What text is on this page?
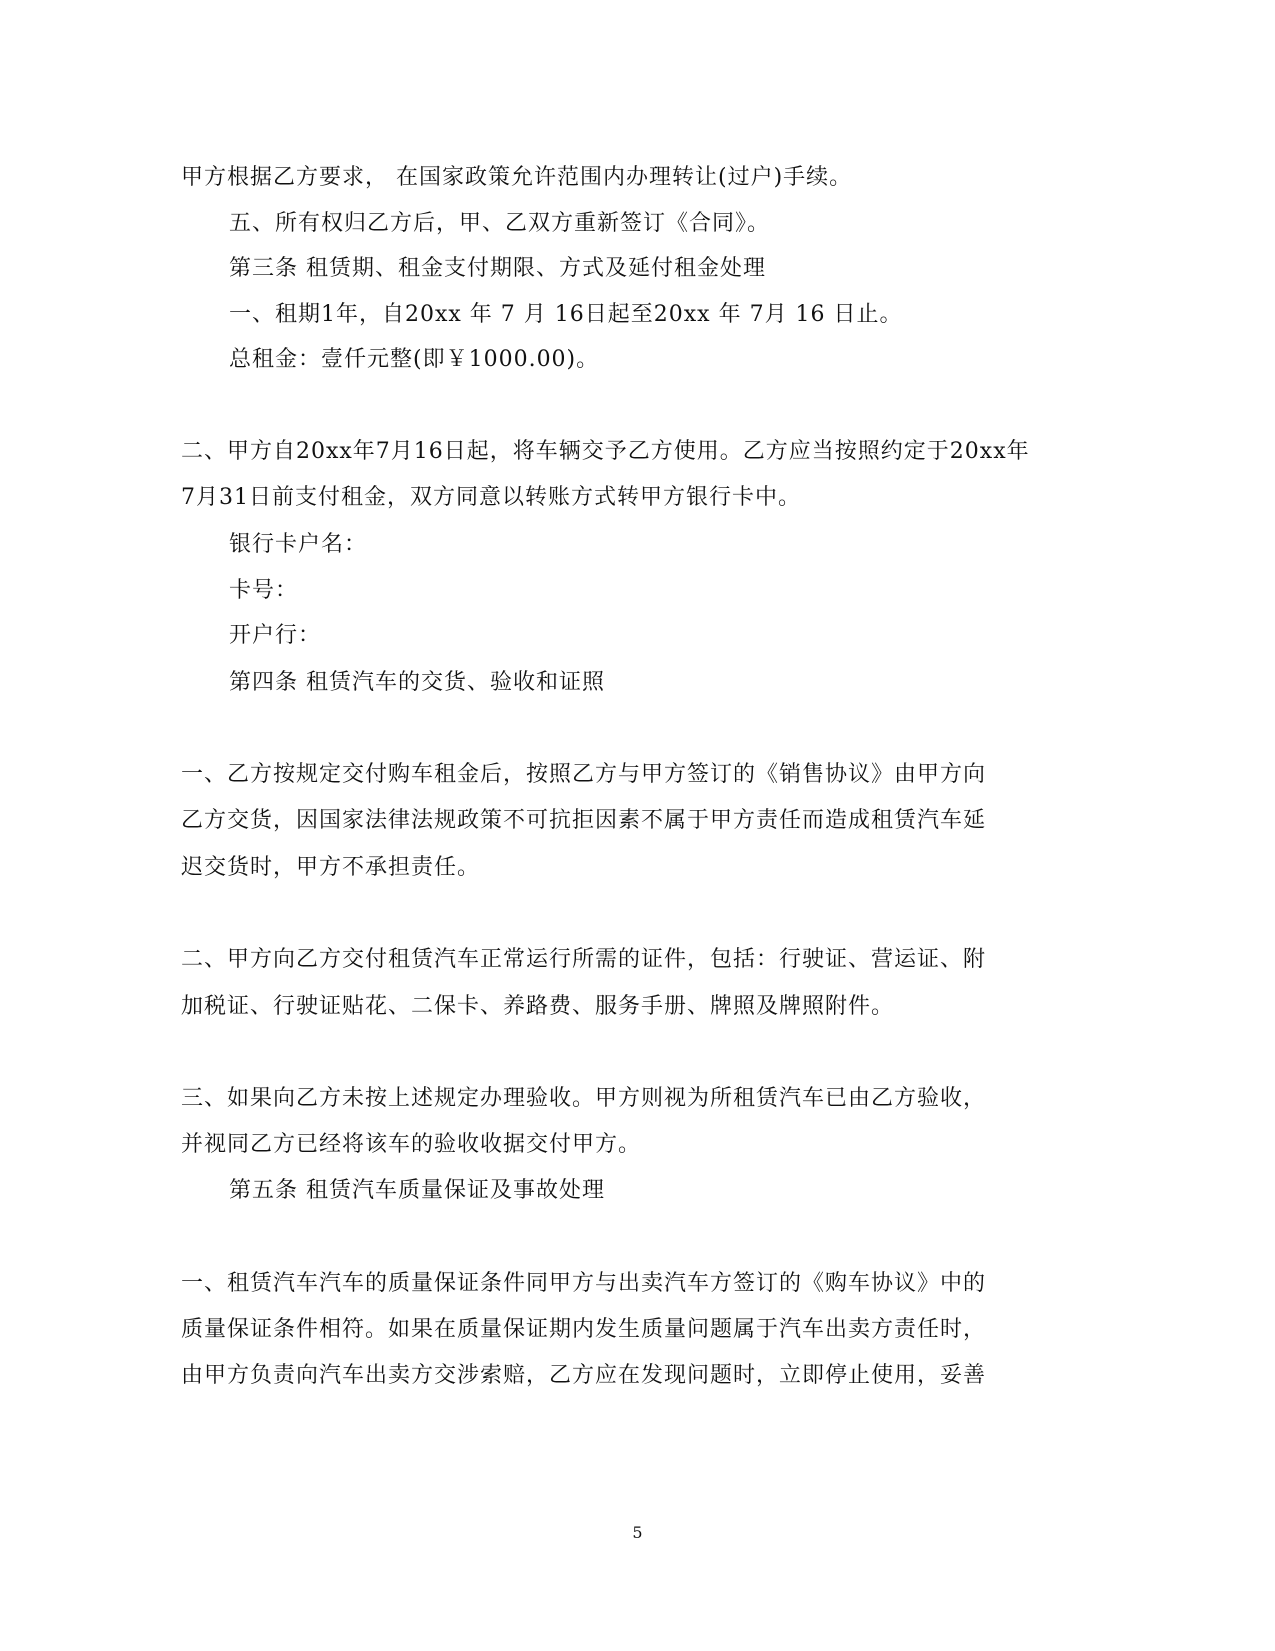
甲方根据乙方要求， 在国家政策允许范围内办理转让(过户)手续。
五、所有权归乙方后，甲、乙双方重新签订《合同》。
第三条 租赁期、租金支付期限、方式及延付租金处理
一、租期1年，自20xx 年 7 月 16日起至20xx 年 7月 16 日止。
总租金：壹仟元整(即￥1000.00)。
二、甲方自20xx年7月16日起，将车辆交予乙方使用。乙方应当按照约定于20xx年
7月31日前支付租金，双方同意以转账方式转甲方银行卡中。
银行卡户名：
卡号：
开户行：
第四条 租赁汽车的交货、验收和证照
一、乙方按规定交付购车租金后，按照乙方与甲方签订的《销售协议》由甲方向
乙方交货，因国家法律法规政策不可抗拒因素不属于甲方责任而造成租赁汽车延
迟交货时，甲方不承担责任。
二、甲方向乙方交付租赁汽车正常运行所需的证件，包括：行驶证、营运证、附
加税证、行驶证贴花、二保卡、养路费、服务手册、牌照及牌照附件。
三、如果向乙方未按上述规定办理验收。甲方则视为所租赁汽车已由乙方验收，
并视同乙方已经将该车的验收收据交付甲方。
第五条 租赁汽车质量保证及事故处理
一、租赁汽车汽车的质量保证条件同甲方与出卖汽车方签订的《购车协议》中的
质量保证条件相符。如果在质量保证期内发生质量问题属于汽车出卖方责任时，
由甲方负责向汽车出卖方交涉索赔，乙方应在发现问题时，立即停止使用，妥善
5
